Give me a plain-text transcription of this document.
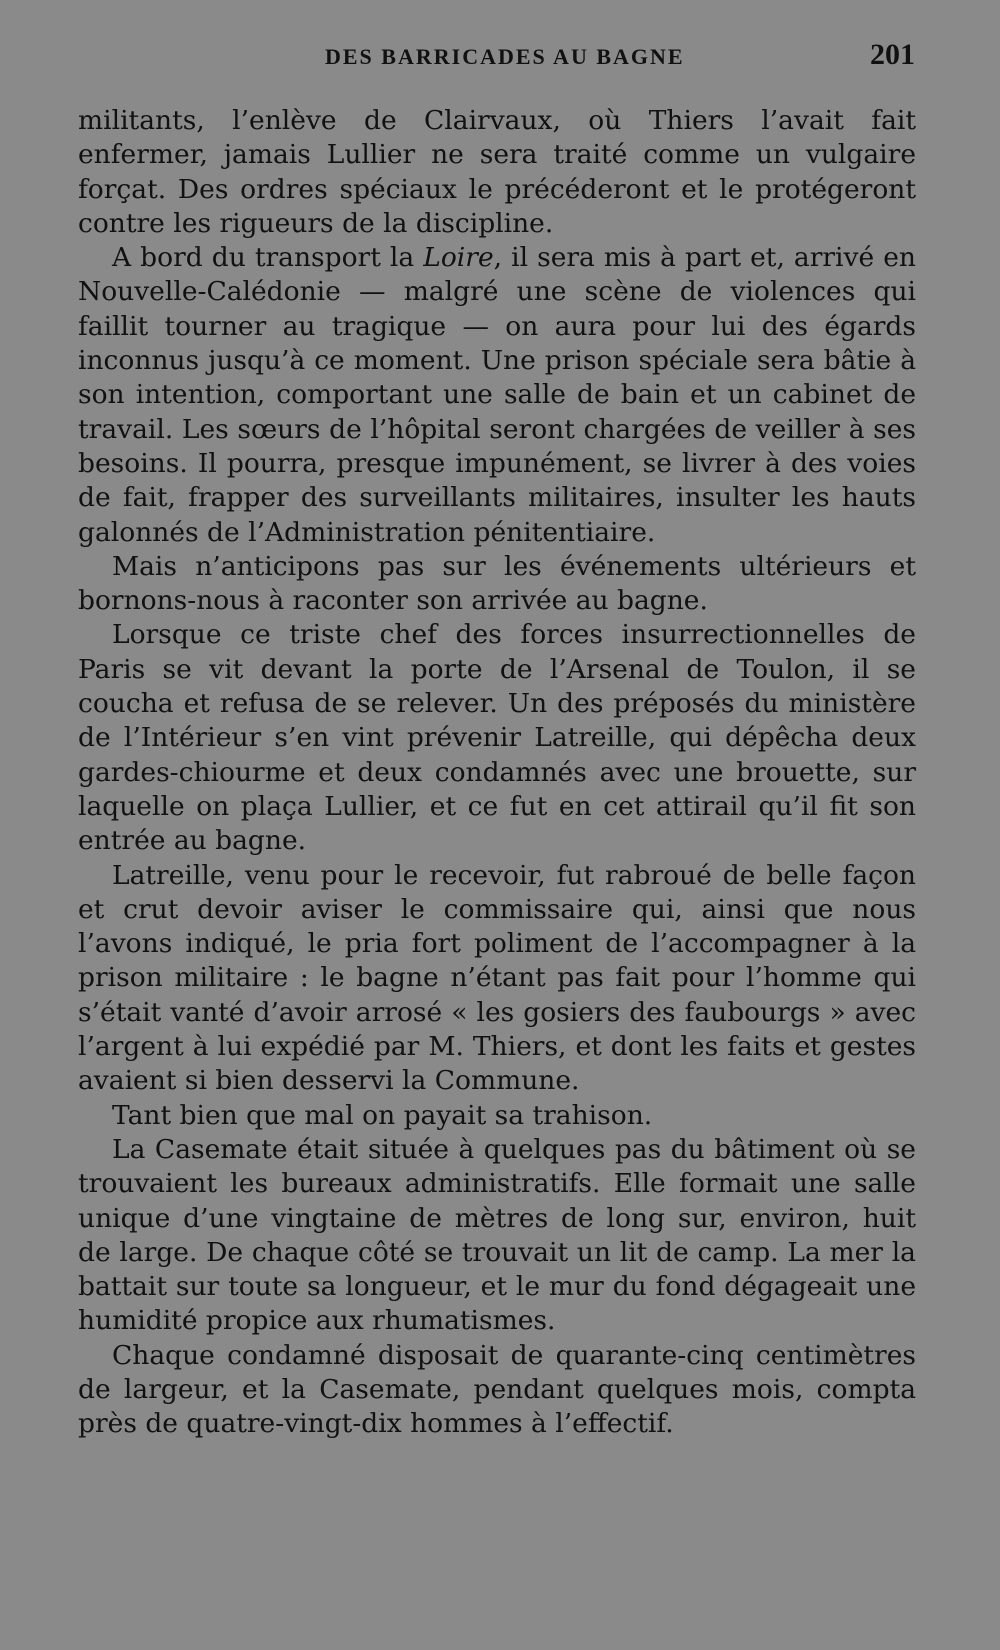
DES BARRICADES AU BAGNE	201

militants, l’enlève de Clairvaux, où Thiers l’avait fait enfermer, jamais Lullier ne sera traité comme un vulgaire forçat. Des ordres spéciaux le précéderont et le protégeront contre les rigueurs de la discipline.

A bord du transport la Loire, il sera mis à part et, arrivé en Nouvelle-Calédonie — malgré une scène de violences qui faillit tourner au tragique — on aura pour lui des égards inconnus jusqu’à ce moment. Une prison spéciale sera bâtie à son intention, comportant une salle de bain et un cabinet de travail. Les sœurs de l’hôpital seront chargées de veiller à ses besoins. Il pourra, presque impunément, se livrer à des voies de fait, frapper des surveillants militaires, insulter les hauts galonnés de l’Administration pénitentiaire.

Mais n’anticipons pas sur les événements ultérieurs et bornons-nous à raconter son arrivée au bagne.

Lorsque ce triste chef des forces insurrectionnelles de Paris se vit devant la porte de l’Arsenal de Toulon, il se coucha et refusa de se relever. Un des préposés du ministère de l’Intérieur s’en vint prévenir Latreille, qui dépêcha deux gardes-chiourme et deux condamnés avec une brouette, sur laquelle on plaça Lullier, et ce fut en cet attirail qu’il fit son entrée au bagne.

Latreille, venu pour le recevoir, fut rabroué de belle façon et crut devoir aviser le commissaire qui, ainsi que nous l’avons indiqué, le pria fort poliment de l’accompagner à la prison militaire : le bagne n’étant pas fait pour l’homme qui s’était vanté d’avoir arrosé « les gosiers des faubourgs » avec l’argent à lui expédié par M. Thiers, et dont les faits et gestes avaient si bien desservi la Commune.

Tant bien que mal on payait sa trahison.

La Casemate était située à quelques pas du bâtiment où se trouvaient les bureaux administratifs. Elle formait une salle unique d’une vingtaine de mètres de long sur, environ, huit de large. De chaque côté se trouvait un lit de camp. La mer la battait sur toute sa longueur, et le mur du fond dégageait une humidité propice aux rhumatismes.

Chaque condamné disposait de quarante-cinq centimètres de largeur, et la Casemate, pendant quelques mois, compta près de quatre-vingt-dix hommes à l’effectif.
